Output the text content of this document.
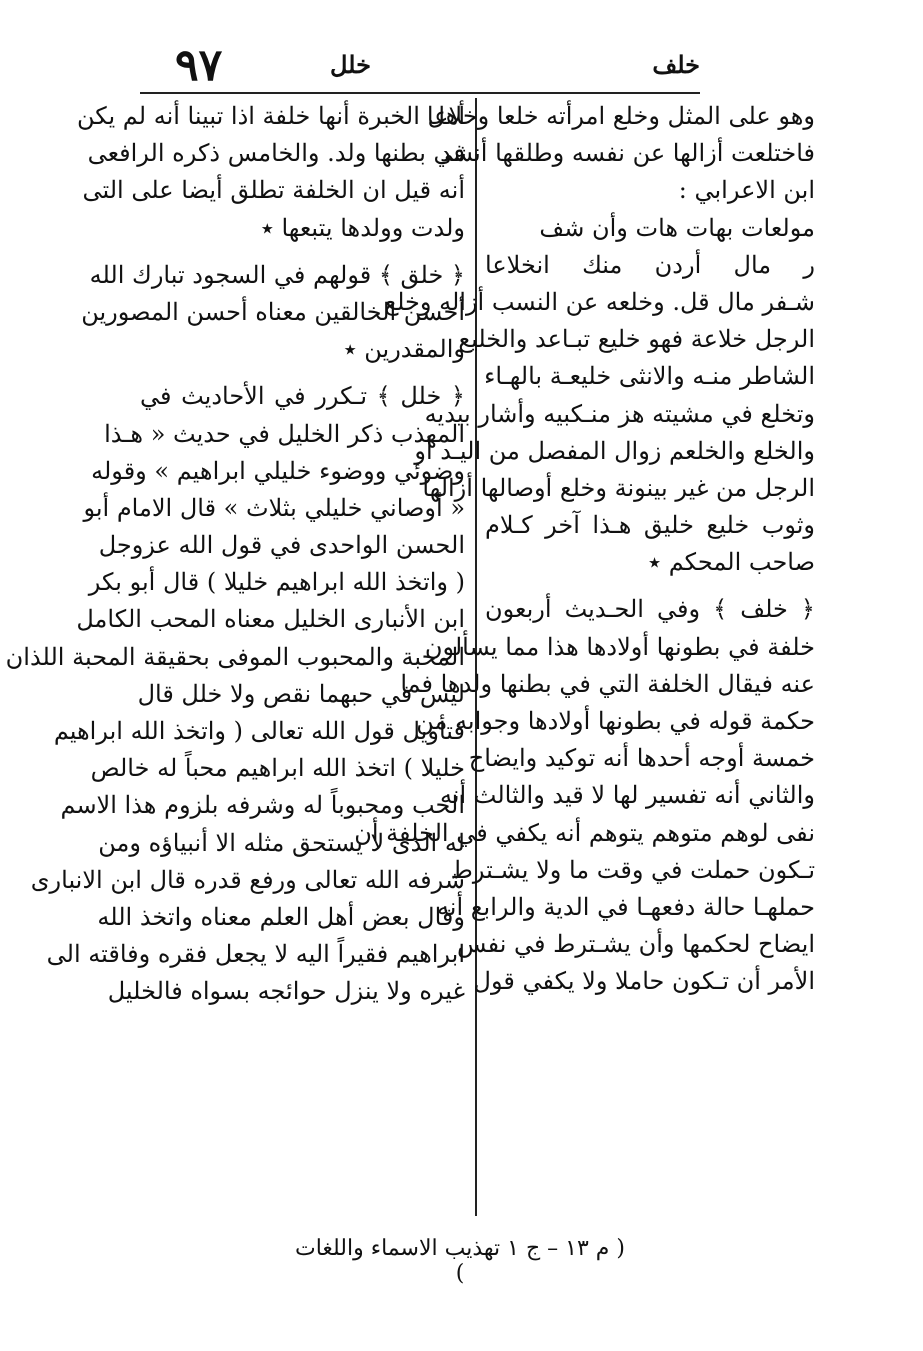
٩٧	خلل	خلف
وهو على المثل وخلع امرأته خلعا وخلاعا
فاختلعت أزالها عن نفسه وطلقها أنشد
ابن الاعرابي :
مولعات بهات هات وأن شف
ر مال أردن منك انخلاعا
شـفر مال قل. وخلعه عن النسب أزاله وخلع
الرجل خلاعة فهو خليع تبـاعد والخليع
الشاطر منـه والانثى خليعـة بالهـاء
وتخلع في مشيته هز منـكبيه وأشار بيديه
والخلع والخلعم زوال المفصل من اليـد أو
الرجل من غير بينونة وخلع أوصالها أزالها
وثوب خليع خليق هـذا آخر كـلام
صاحب المحكم ٭
﴿ خلف ﴾ وفي الحـديث أربعون
خلفة في بطونها أولادها هذا مما يسألون
عنه فيقال الخلفة التي في بطنها ولدها فما
حكمة قوله في بطونها أولادها وجوابه من
خمسة أوجه أحدها أنه توكيد وايضاح
والثاني أنه تفسير لها لا قيد والثالث أنه
نفى لوهم متوهم يتوهم أنه يكفي في الخلفة أن
تـكون حملت في وقت ما ولا يشـترط
حملهـا حالة دفعهـا في الدية والرابع أنه
ايضاح لحكمها وأن يشـترط في نفس
الأمر أن تـكون حاملا ولا يكفي قول
أهل الخبرة أنها خلفة اذا تبينا أنه لم يكن
في بطنها ولد. والخامس ذكره الرافعى
أنه قيل ان الخلفة تطلق أيضا على التى
ولدت وولدها يتبعها ٭
﴿ خلق ﴾ قولهم في السجود تبارك الله
أحسن الخالقين معناه أحسن المصورين
والمقدرين ٭
﴿ خلل ﴾ تـكرر في الأحاديث في
المهذب ذكر الخليل في حديث « هـذا
وضوئي ووضوء خليلي ابراهيم » وقوله
« أوصاني خليلي بثلاث » قال الامام أبو
الحسن الواحدى في قول الله عزوجل
( واتخذ الله ابراهيم خليلا ) قال أبو بكر
ابن الأنبارى الخليل معناه المحب الكامل
المحبة والمحبوب الموفى بحقيقة المحبة اللذان
ليس في حبهما نقص ولا خلل قال
فتأويل قول الله تعالى ( واتخذ الله ابراهيم
خليلا ) اتخذ الله ابراهيم محباً له خالص
الحب ومحبوباً له وشرفه بلزوم هذا الاسم
له الذى لا يستحق مثله الا أنبياؤه ومن
شرفه الله تعالى ورفع قدره قال ابن الانبارى
وقال بعض أهل العلم معناه واتخذ الله
ابراهيم فقيراً اليه لا يجعل فقره وفاقته الى
غيره ولا ينزل حوائجه بسواه فالخليل
( م ١٣ – ج ١ تهذيب الاسماء واللغات )
